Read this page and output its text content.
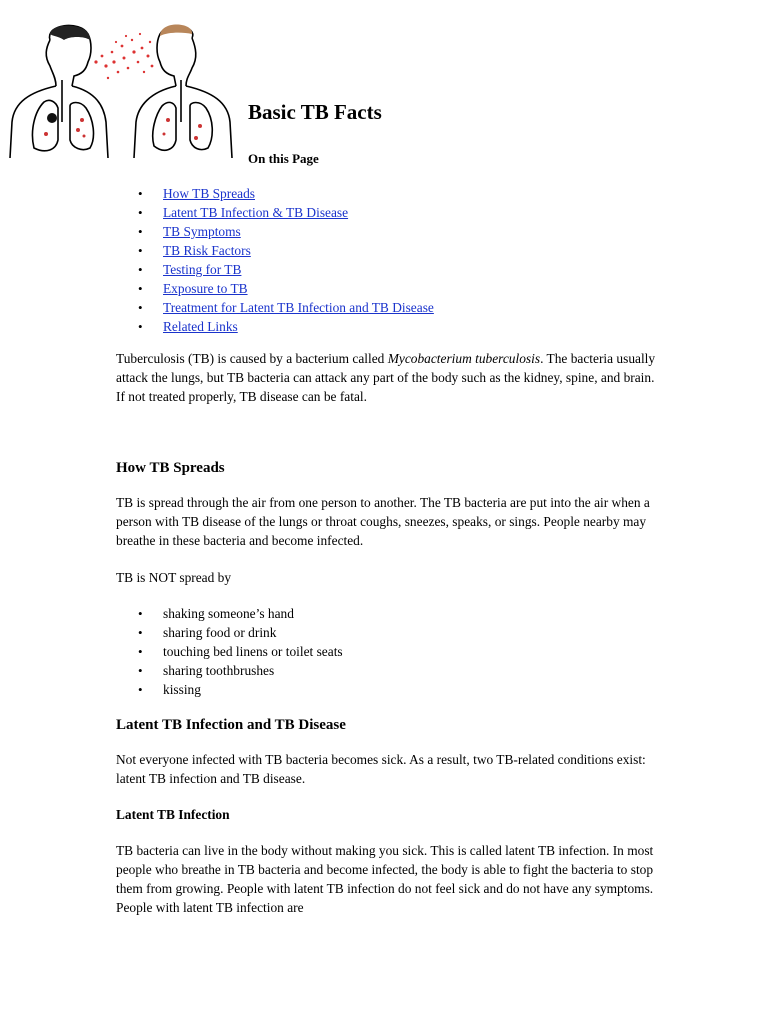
Basic TB Facts
On this Page
• How TB Spreads
• Latent TB Infection & TB Disease
• TB Symptoms
• TB Risk Factors
• Testing for TB
• Exposure to TB
• Treatment for Latent TB Infection and TB Disease
• Related Links

Tuberculosis (TB) is caused by a bacterium called Mycobacterium tuberculosis. The bacteria usually attack the lungs, but TB bacteria can attack any part of the body such as the kidney, spine, and brain. If not treated properly, TB disease can be fatal.

How TB Spreads

TB is spread through the air from one person to another. The TB bacteria are put into the air when a person with TB disease of the lungs or throat coughs, sneezes, speaks, or sings. People nearby may breathe in these bacteria and become infected.

TB is NOT spread by

• shaking someone’s hand
• sharing food or drink
• touching bed linens or toilet seats
• sharing toothbrushes
• kissing
Latent TB Infection and TB Disease

Not everyone infected with TB bacteria becomes sick. As a result, two TB-related conditions exist: latent TB infection and TB disease.

Latent TB Infection

TB bacteria can live in the body without making you sick. This is called latent TB infection. In most people who breathe in TB bacteria and become infected, the body is able to fight the bacteria to stop them from growing. People with latent TB infection do not feel sick and do not have any symptoms. People with latent TB infection are
